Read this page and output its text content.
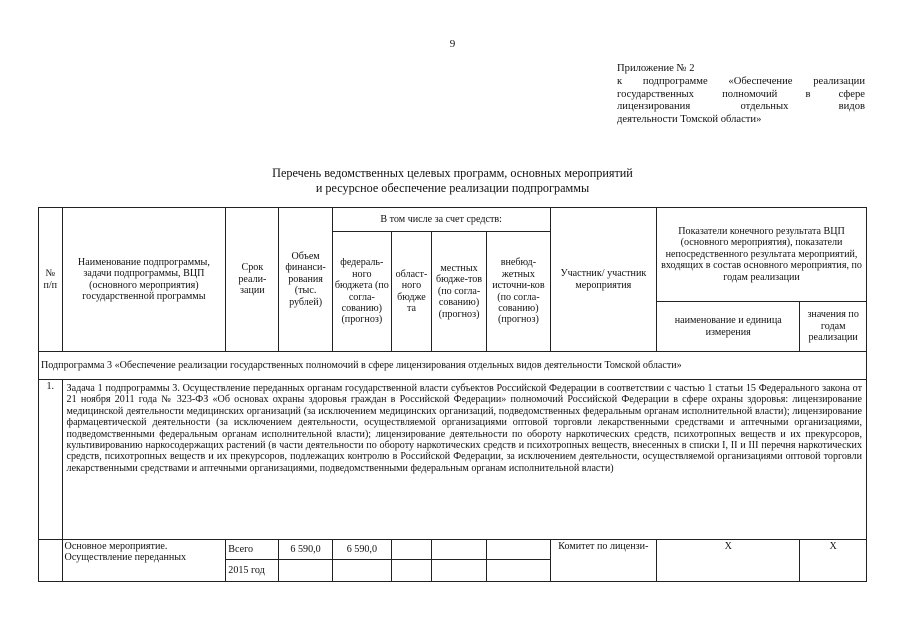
9
Приложение № 2
к подпрограмме «Обеспечение реализации
государственных полномочий в сфере
лицензирования отдельных видов
деятельности Томской области»
Перечень ведомственных целевых программ, основных мероприятий
и ресурсное обеспечение реализации подпрограммы
№ п/п	Наименование подпрограммы, задачи подпрограммы, ВЦП (основного мероприятия) государственной программы	Срок реали-зации	Объем финанси-рования (тыс. рублей)	В том числе за счет средств:				Участник/ участник мероприятия	Показатели конечного результата ВЦП (основного мероприятия), показатели непосредственного результата мероприятий, входящих в состав основного мероприятия, по годам реализации	
				федераль-ного бюджета (по согла-сованию) (прогноз)	област-ного бюдже та	местных бюдже-тов (по согла-сованию) (прогноз)	внебюд-жетных источни-ков (по согла-сованию) (прогноз)			
									наименование и единица измерения	значения по годам реализации
Подпрограмма 3 «Обеспечение реализации государственных полномочий в сфере лицензирования отдельных видов деятельности Томской области»										
1.	Задача 1 подпрограммы 3. Осуществление переданных органам государственной власти субъектов Российской Федерации в соответствии с частью 1 статьи 15 Федерального закона от 21 ноября 2011 года № 323-ФЗ «Об основах охраны здоровья граждан в Российской Федерации» полномочий Российской Федерации в сфере охраны здоровья: лицензирование медицинской деятельности медицинских организаций (за исключением медицинских организаций, подведомственных федеральным органам исполнительной власти); лицензирование фармацевтической деятельности (за исключением деятельности, осуществляемой организациями оптовой торговли лекарственными средствами и аптечными организациями, подведомственными федеральным органам исполнительной власти); лицензирование деятельности по обороту наркотических средств, психотропных веществ и их прекурсоров, культивированию наркосодержащих растений (в части деятельности по обороту наркотических средств и психотропных веществ, внесенных в списки I, II и III перечня наркотических средств, психотропных веществ и их прекурсоров, подлежащих контролю в Российской Федерации, за исключением деятельности, осуществляемой организациями оптовой торговли лекарственными средствами и аптечными организациями, подведомственными федеральным органам исполнительной власти)									
	Основное мероприятие. Осуществление переданных	Всего	6 590,0	6 590,0				Комитет по лицензи-	X	X
		2015 год								
